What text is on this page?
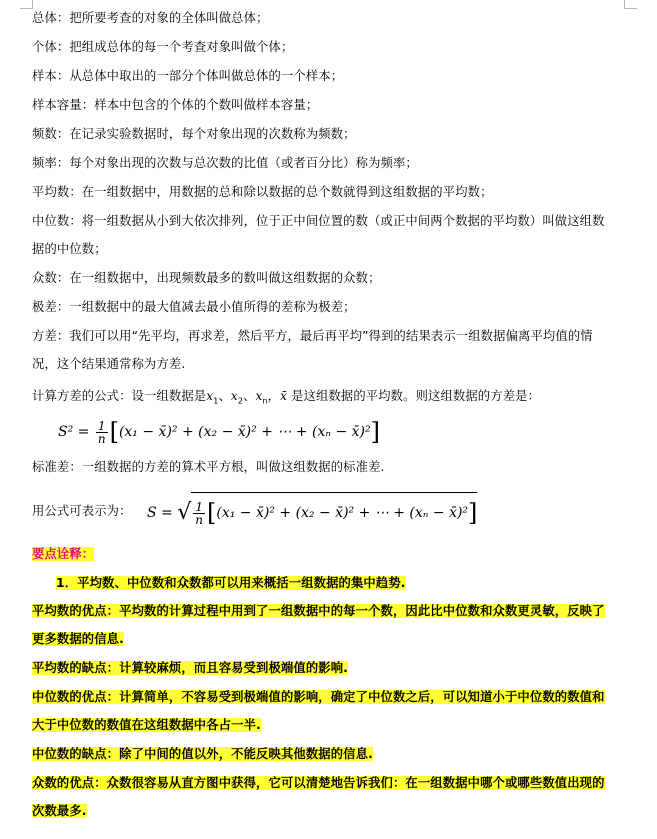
总体：把所要考查的对象的全体叫做总体；
个体：把组成总体的每一个考查对象叫做个体；
样本：从总体中取出的一部分个体叫做总体的一个样本；
样本容量：样本中包含的个体的个数叫做样本容量；
频数：在记录实验数据时，每个对象出现的次数称为频数；
频率：每个对象出现的次数与总次数的比值（或者百分比）称为频率；
平均数：在一组数据中，用数据的总和除以数据的总个数就得到这组数据的平均数；
中位数：将一组数据从小到大依次排列，位于正中间位置的数（或正中间两个数据的平均数）叫做这组数
据的中位数；
众数：在一组数据中，出现频数最多的数叫做这组数据的众数；
极差：一组数据中的最大值减去最小值所得的差称为极差；
方差：我们可以用“先平均，再求差，然后平方，最后再平均”得到的结果表示一组数据偏离平均值的情
况，这个结果通常称为方差.
计算方差的公式：设一组数据是$x_1$、$x_2$、$x_n$，x̄ 是这组数据的平均数。则这组数据的方差是：
$S^2 = \frac{1}{n} [(x_1$ − x̄)² + (x₂ − x̄)² + ⋯ + (xₙ − x̄)²]
标准差：一组数据的方差的算术平方根，叫做这组数据的标准差.
用公式可表示为： S = √ $\frac{1}{n} [(x_1$ − x̄)² + (x₂ − x̄)² + ⋯ + (xₙ − x̄)²]
要点诠释：
1．平均数、中位数和众数都可以用来概括一组数据的集中趋势.
平均数的优点：平均数的计算过程中用到了一组数据中的每一个数，因此比中位数和众数更灵敏，反映了
更多数据的信息.
平均数的缺点：计算较麻烦，而且容易受到极端值的影响.
中位数的优点：计算简单，不容易受到极端值的影响，确定了中位数之后，可以知道小于中位数的数值和
大于中位数的数值在这组数据中各占一半.
中位数的缺点：除了中间的值以外，不能反映其他数据的信息.
众数的优点：众数很容易从直方图中获得，它可以清楚地告诉我们：在一组数据中哪个或哪些数值出现的
次数最多.
